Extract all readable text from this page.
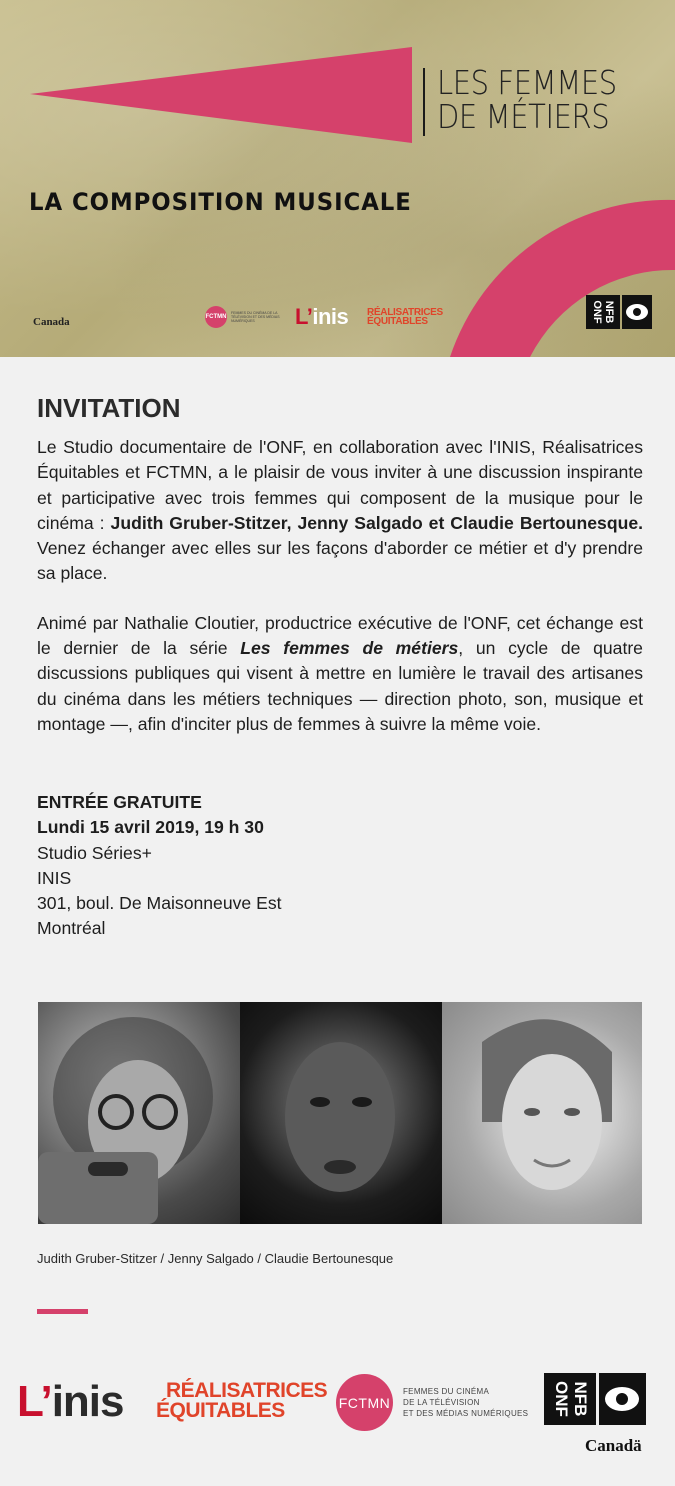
LES FEMMES
DE MÉTIERS
LA COMPOSITION MUSICALE
Canada	FCTMN
FEMMES DU CINÉMA DE LA TÉLÉVISION ET DES MÉDIAS NUMÉRIQUES	L’inis RÉALISATRICES
ÉQUITABLES	NFB
ONF
INVITATION

Le Studio documentaire de l'ONF, en collaboration avec l'INIS, Réalisatrices Équitables et FCTMN, a le plaisir de vous inviter à une discussion inspirante et participative avec trois femmes qui composent de la musique pour le cinéma : Judith Gruber-Stitzer, Jenny Salgado et Claudie Bertounesque. Venez échanger avec elles sur les façons d'aborder ce métier et d'y prendre sa place.

Animé par Nathalie Cloutier, productrice exécutive de l'ONF, cet échange est le dernier de la série Les femmes de métiers, un cycle de quatre discussions publiques qui visent à mettre en lumière le travail des artisanes du cinéma dans les métiers techniques — direction photo, son, musique et montage —, afin d'inciter plus de femmes à suivre la même voie.

ENTRÉE GRATUITE
Lundi 15 avril 2019, 19 h 30
Studio Séries+
INIS
301, boul. De Maisonneuve Est
Montréal
Judith Gruber-Stitzer / Jenny Salgado / Claudie Bertounesque
L’inis	RÉALISATRICES
ÉQUITABLES	FCTMN
FEMMES DU CINÉMA
DE LA TÉLÉVISION
ET DES MÉDIAS NUMÉRIQUES	NFB
ONF
Canadä
